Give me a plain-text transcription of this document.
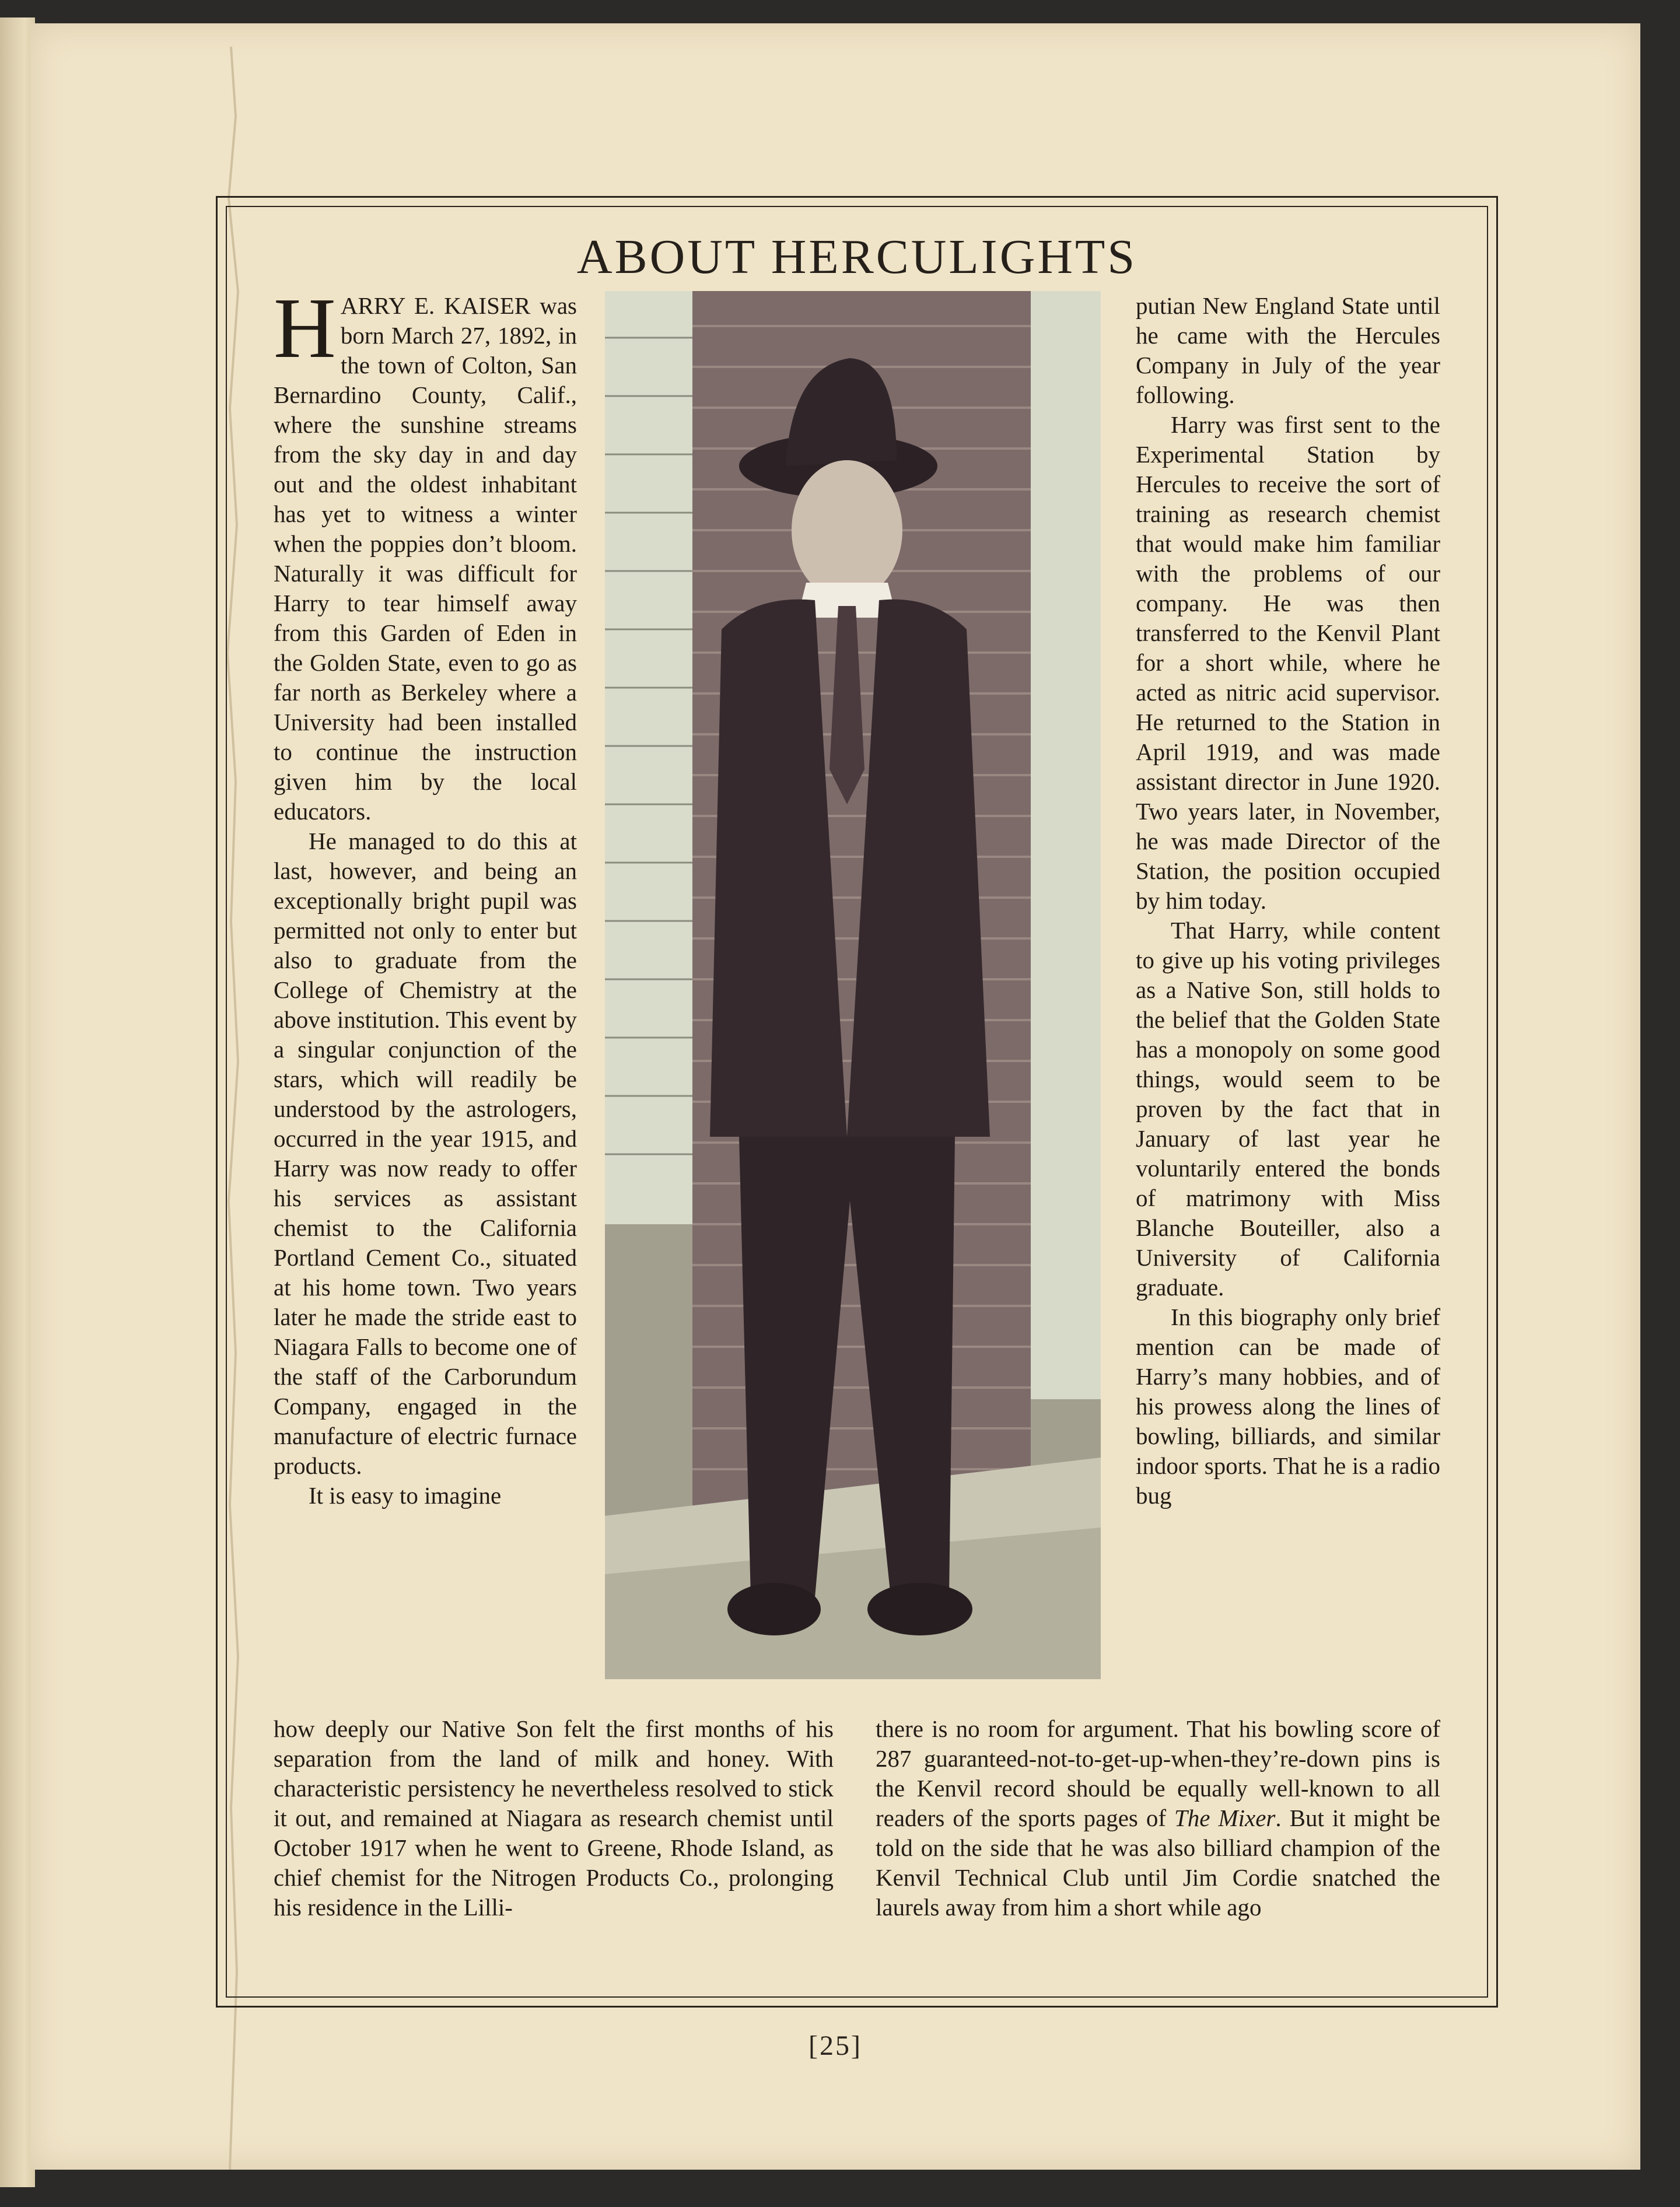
ABOUT HERCULIGHTS

HARRY E. KAISER was born March 27, 1892, in the town of Colton, San Bernardino County, Calif., where the sunshine streams from the sky day in and day out and the oldest inhabitant has yet to witness a winter when the poppies don’t bloom. Naturally it was difficult for Harry to tear himself away from this Garden of Eden in the Golden State, even to go as far north as Berkeley where a University had been installed to continue the instruction given him by the local educators.

He managed to do this at last, however, and being an exceptionally bright pupil was permitted not only to enter but also to graduate from the College of Chemistry at the above institution. This event by a singular conjunction of the stars, which will readily be understood by the astrologers, occurred in the year 1915, and Harry was now ready to offer his services as assistant chemist to the California Portland Cement Co., situated at his home town. Two years later he made the stride east to Niagara Falls to become one of the staff of the Carborundum Company, engaged in the manufacture of electric furnace products.

It is easy to imagine

putian New England State until he came with the Hercules Company in July of the year following.

Harry was first sent to the Experimental Station by Hercules to receive the sort of training as research chemist that would make him familiar with the problems of our company. He was then transferred to the Kenvil Plant for a short while, where he acted as nitric acid supervisor. He returned to the Station in April 1919, and was made assistant director in June 1920. Two years later, in November, he was made Director of the Station, the position occupied by him today.

That Harry, while content to give up his voting privileges as a Native Son, still holds to the belief that the Golden State has a monopoly on some good things, would seem to be proven by the fact that in January of last year he voluntarily entered the bonds of matrimony with Miss Blanche Bouteiller, also a University of California graduate.

In this biography only brief mention can be made of Harry’s many hobbies, and of his prowess along the lines of bowling, billiards, and similar indoor sports. That he is a radio bug

how deeply our Native Son felt the first months of his separation from the land of milk and honey. With characteristic persistency he nevertheless resolved to stick it out, and remained at Niagara as research chemist until October 1917 when he went to Greene, Rhode Island, as chief chemist for the Nitrogen Products Co., prolonging his residence in the Lilli-

there is no room for argument. That his bowling score of 287 guaranteed-not-to-get-up-when-they’re-down pins is the Kenvil record should be equally well-known to all readers of the sports pages of The Mixer. But it might be told on the side that he was also billiard champion of the Kenvil Technical Club until Jim Cordie snatched the laurels away from him a short while ago

[25]
